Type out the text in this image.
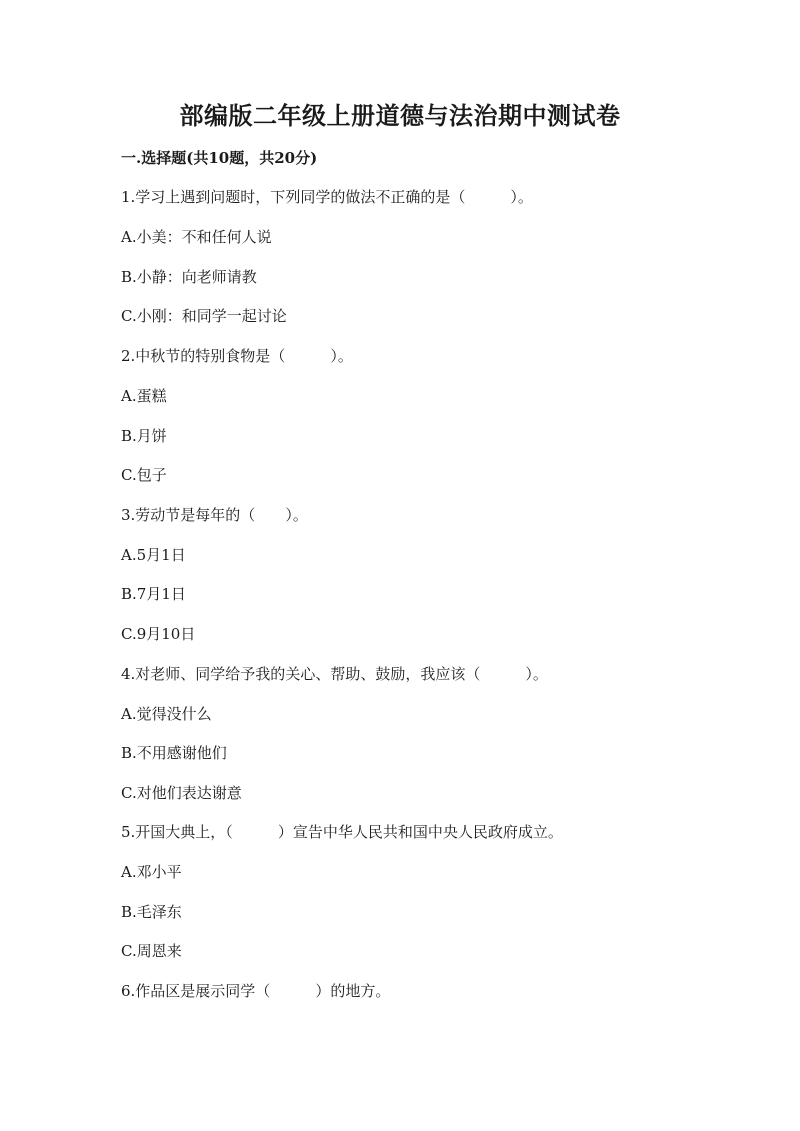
部编版二年级上册道德与法治期中测试卷
一.选择题(共10题，共20分)
1.学习上遇到问题时，下列同学的做法不正确的是（　　　）。
A.小美：不和任何人说
B.小静：向老师请教
C.小刚：和同学一起讨论
2.中秋节的特别食物是（　　　）。
A.蛋糕
B.月饼
C.包子
3.劳动节是每年的（　　）。
A.5月1日
B.7月1日
C.9月10日
4.对老师、同学给予我的关心、帮助、鼓励，我应该（　　　）。
A.觉得没什么
B.不用感谢他们
C.对他们表达谢意
5.开国大典上，（　　　）宣告中华人民共和国中央人民政府成立。
A.邓小平
B.毛泽东
C.周恩来
6.作品区是展示同学（　　　）的地方。
